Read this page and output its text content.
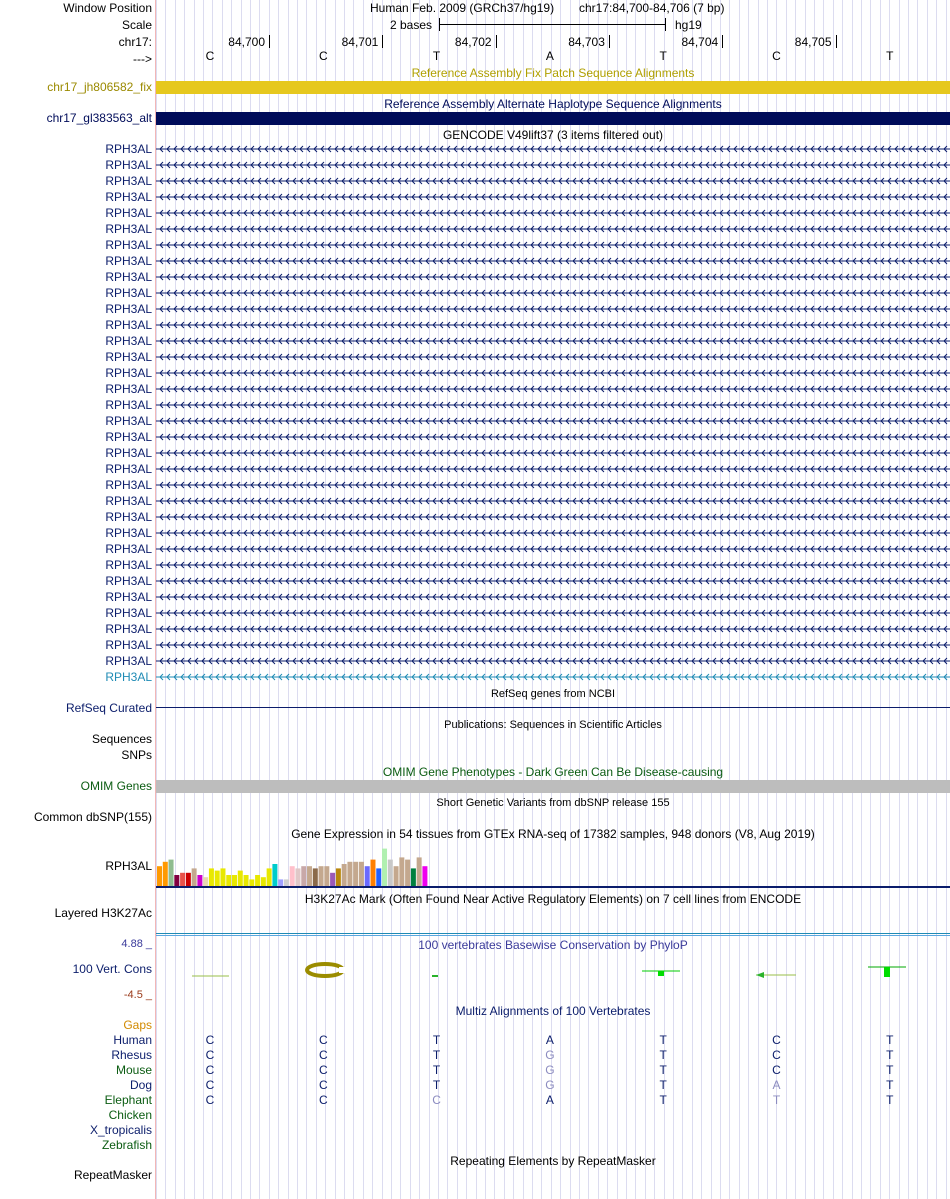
Window Position
Scale
chr17:
--->
chr17_jh806582_fix
chr17_gl383563_alt
RPH3AL
RPH3AL
RPH3AL
RPH3AL
RPH3AL
RPH3AL
RPH3AL
RPH3AL
RPH3AL
RPH3AL
RPH3AL
RPH3AL
RPH3AL
RPH3AL
RPH3AL
RPH3AL
RPH3AL
RPH3AL
RPH3AL
RPH3AL
RPH3AL
RPH3AL
RPH3AL
RPH3AL
RPH3AL
RPH3AL
RPH3AL
RPH3AL
RPH3AL
RPH3AL
RPH3AL
RPH3AL
RPH3AL
RPH3AL
RefSeq Curated
Sequences
SNPs
OMIM Genes
Common dbSNP(155)
RPH3AL
Layered H3K27Ac
4.88 _
100 Vert. Cons
-4.5 _
Gaps
Human
Rhesus
Mouse
Dog
Elephant
Chicken
X_tropicalis
Zebrafish
RepeatMasker
Human Feb. 2009 (GRCh37/hg19) chr17:84,700-84,706 (7 bp)
2 bases	hg19
84,700	84,701	84,702	84,703	84,704	84,705
C	C	T	A	T	C	T
Reference Assembly Fix Patch Sequence Alignments
Reference Assembly Alternate Haplotype Sequence Alignments
GENCODE V49lift37 (3 items filtered out)
RefSeq genes from NCBI
Publications: Sequences in Scientific Articles
OMIM Gene Phenotypes - Dark Green Can Be Disease-causing
Short Genetic Variants from dbSNP release 155
Gene Expression in 54 tissues from GTEx RNA-seq of 17382 samples, 948 donors (V8, Aug 2019)
H3K27Ac Mark (Often Found Near Active Regulatory Elements) on 7 cell lines from ENCODE
100 vertebrates Basewise Conservation by PhyloP
Multiz Alignments of 100 Vertebrates
C	C	T	A	T	C	T
C	C	T	G	T	C	T
C	C	T	G	T	C	T
C	C	T	G	T	A	T
C	C	C	A	T	T	T
Repeating Elements by RepeatMasker
